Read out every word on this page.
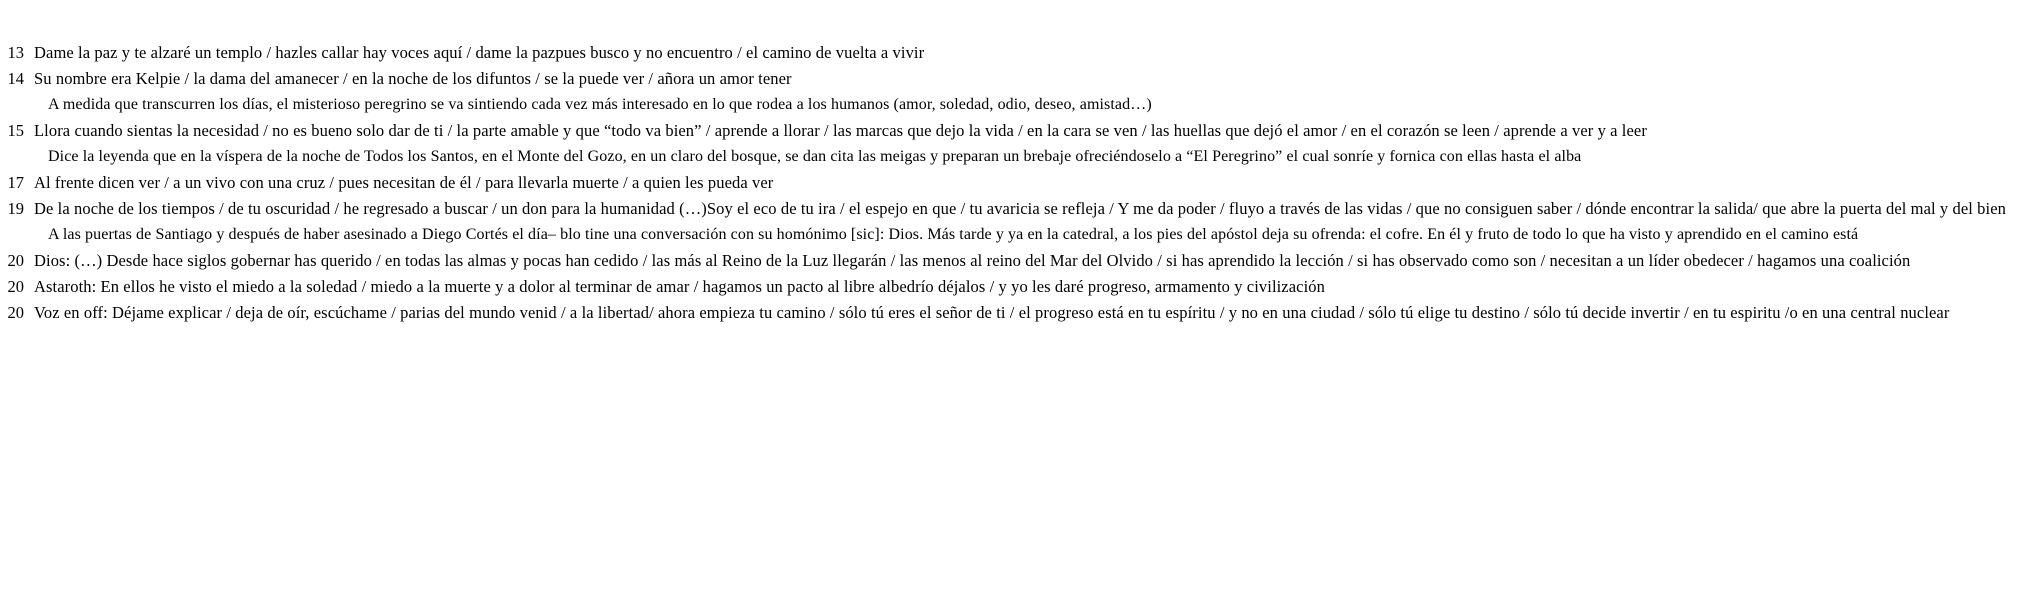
13 Dame la paz y te alzaré un templo / hazles callar hay voces aquí / dame la pazpues busco y no encuentro / el camino de vuelta a vivir
14 Su nombre era Kelpie / la dama del amanecer / en la noche de los difuntos / se la puede ver / añora un amor tener
A medida que transcurren los días, el misterioso peregrino se va sintiendo cada vez más interesado en lo que rodea a los humanos (amor, soledad, odio, deseo, amistad…)
15 Llora cuando sientas la necesidad / no es bueno solo dar de ti / la parte amable y que “todo va bien” / aprende a llorar / las marcas que dejo la vida / en la cara se ven / las huellas que dejó el amor / en el corazón se leen / aprende a ver y a leer
Dice la leyenda que en la víspera de la noche de Todos los Santos, en el Monte del Gozo, en un claro del bosque, se dan cita las meigas y preparan un brebaje ofreciéndoselo a “El Peregrino” el cual sonríe y fornica con ellas hasta el alba
17 Al frente dicen ver / a un vivo con una cruz / pues necesitan de él / para llevarla muerte / a quien les pueda ver
19 De la noche de los tiempos / de tu oscuridad / he regresado a buscar / un don para la humanidad (…)Soy el eco de tu ira / el espejo en que / tu avaricia se refleja / Y me da poder / fluyo a través de las vidas / que no consiguen saber / dónde encontrar la salida/ que abre la puerta del mal y del bien
A las puertas de Santiago y después de haber asesinado a Diego Cortés el día– blo tine una conversación con su homónimo [sic]: Dios. Más tarde y ya en la catedral, a los pies del apóstol deja su ofrenda: el cofre. En él y fruto de todo lo que ha visto y aprendido en el camino está
20 Dios: (…) Desde hace siglos gobernar has querido / en todas las almas y pocas han cedido / las más al Reino de la Luz llegarán / las menos al reino del Mar del Olvido / si has aprendido la lección / si has observado como son / necesitan a un líder obedecer / hagamos una coalición
20 Astaroth: En ellos he visto el miedo a la soledad / miedo a la muerte y a dolor al terminar de amar / hagamos un pacto al libre albedrío déjalos / y yo les daré progreso, armamento y civilización
20 Voz en off: Déjame explicar / deja de oír, escúchame / parias del mundo venid / a la libertad/ ahora empieza tu camino / sólo tú eres el señor de ti / el progreso está en tu espíritu / y no en una ciudad / sólo tú elige tu destino / sólo tú decide invertir / en tu espiritu /o en una central nuclear
